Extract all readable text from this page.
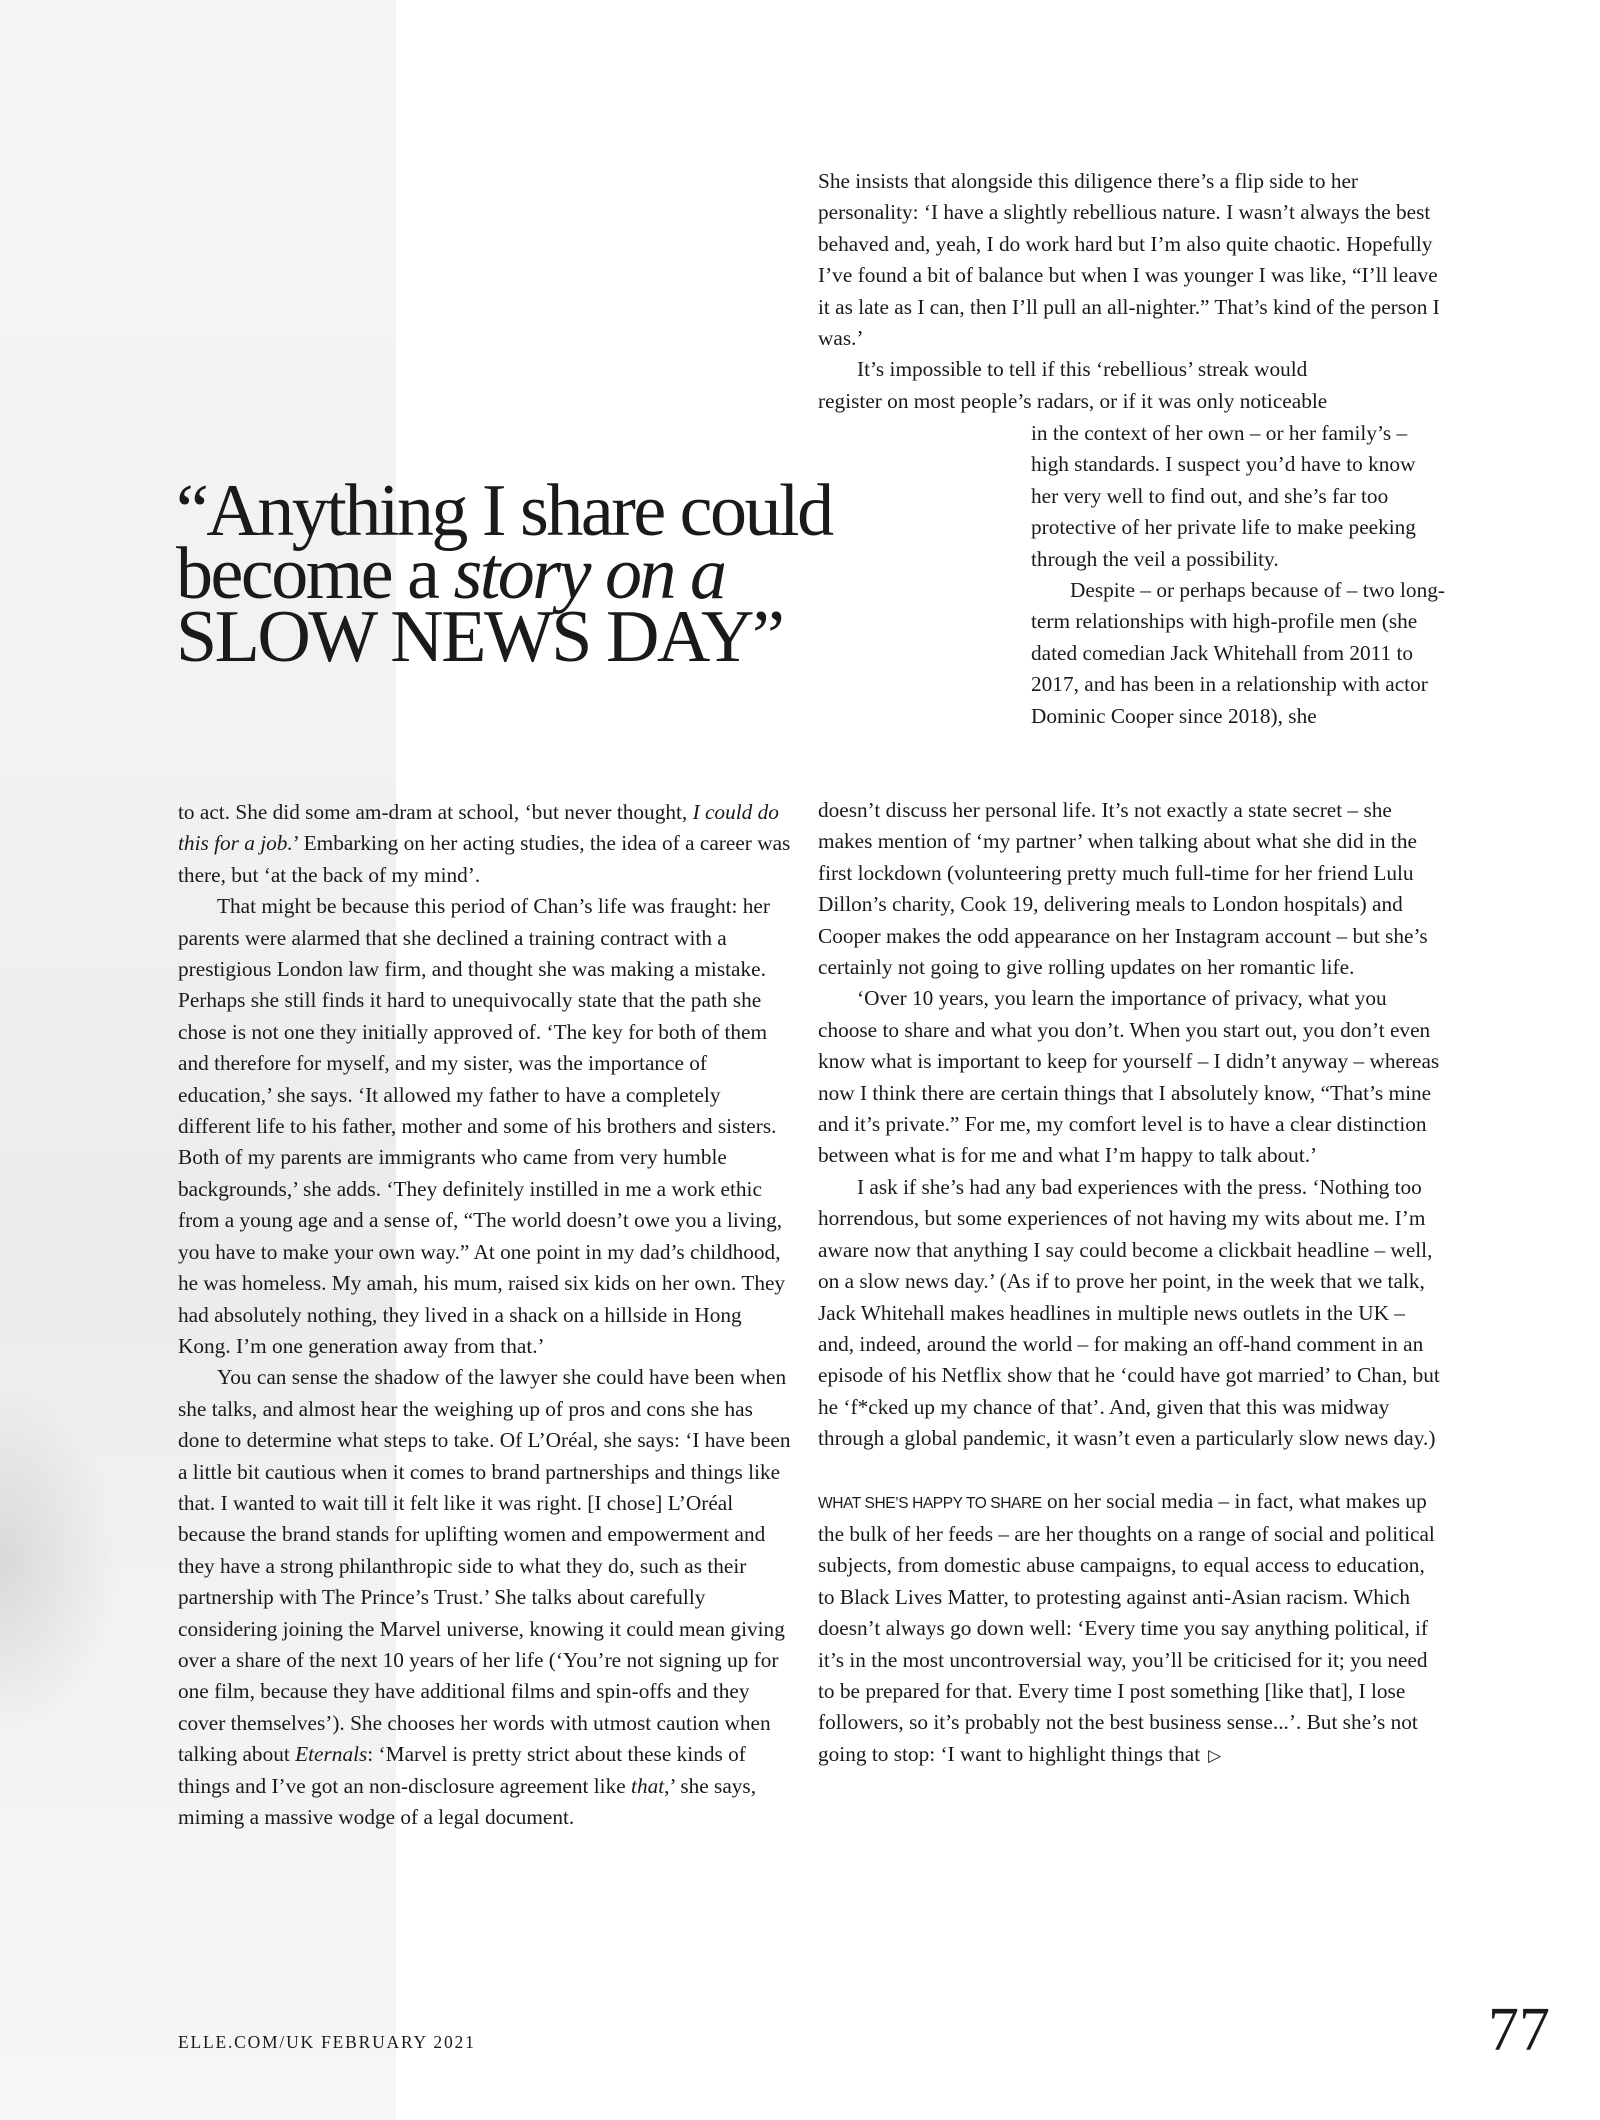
“Anything I share could
become a story on a
SLOW NEWS DAY”

to act. She did some am-dram at school, ‘but never thought, I could do this for a job.’ Embarking on her acting studies, the idea of a career was there, but ‘at the back of my mind’.

That might be because this period of Chan’s life was fraught: her parents were alarmed that she declined a training contract with a prestigious London law firm, and thought she was making a mistake. Perhaps she still finds it hard to unequivocally state that the path she chose is not one they initially approved of. ‘The key for both of them and therefore for myself, and my sister, was the importance of education,’ she says. ‘It allowed my father to have a completely different life to his father, mother and some of his brothers and sisters. Both of my parents are immigrants who came from very humble backgrounds,’ she adds. ‘They definitely instilled in me a work ethic from a young age and a sense of, “The world doesn’t owe you a living, you have to make your own way.” At one point in my dad’s childhood, he was homeless. My amah, his mum, raised six kids on her own. They had absolutely nothing, they lived in a shack on a hillside in Hong Kong. I’m one generation away from that.’

You can sense the shadow of the lawyer she could have been when she talks, and almost hear the weighing up of pros and cons she has done to determine what steps to take. Of L’Oréal, she says: ‘I have been a little bit cautious when it comes to brand partnerships and things like that. I wanted to wait till it felt like it was right. [I chose] L’Oréal because the brand stands for uplifting women and empowerment and they have a strong philanthropic side to what they do, such as their partnership with The Prince’s Trust.’ She talks about carefully considering joining the Marvel universe, knowing it could mean giving over a share of the next 10 years of her life (‘You’re not signing up for one film, because they have additional films and spin-offs and they cover themselves’). She chooses her words with utmost caution when talking about Eternals: ‘Marvel is pretty strict about these kinds of things and I’ve got an non-disclosure agreement like that,’ she says, miming a massive wodge of a legal document.

She insists that alongside this diligence there’s a flip side to her personality: ‘I have a slightly rebellious nature. I wasn’t always the best behaved and, yeah, I do work hard but I’m also quite chaotic. Hopefully I’ve found a bit of balance but when I was younger I was like, “I’ll leave it as late as I can, then I’ll pull an all-nighter.” That’s kind of the person I was.’

It’s impossible to tell if this ‘rebellious’ streak would

register on most people’s radars, or if it was only noticeable

in the context of her own – or her family’s – high standards. I suspect you’d have to know her very well to find out, and she’s far too protective of her private life to make peeking through the veil a possibility.

Despite – or perhaps because of – two long-term relationships with high-profile men (she dated comedian Jack Whitehall from 2011 to 2017, and has been in a relationship with actor Dominic Cooper since 2018), she

doesn’t discuss her personal life. It’s not exactly a state secret – she makes mention of ‘my partner’ when talking about what she did in the first lockdown (volunteering pretty much full-time for her friend Lulu Dillon’s charity, Cook 19, delivering meals to London hospitals) and Cooper makes the odd appearance on her Instagram account – but she’s certainly not going to give rolling updates on her romantic life.

‘Over 10 years, you learn the importance of privacy, what you choose to share and what you don’t. When you start out, you don’t even know what is important to keep for yourself – I didn’t anyway – whereas now I think there are certain things that I absolutely know, “That’s mine and it’s private.” For me, my comfort level is to have a clear distinction between what is for me and what I’m happy to talk about.’

I ask if she’s had any bad experiences with the press. ‘Nothing too horrendous, but some experiences of not having my wits about me. I’m aware now that anything I say could become a clickbait headline – well, on a slow news day.’ (As if to prove her point, in the week that we talk, Jack Whitehall makes headlines in multiple news outlets in the UK – and, indeed, around the world – for making an off-hand comment in an episode of his Netflix show that he ‘could have got married’ to Chan, but he ‘f*cked up my chance of that’. And, given that this was midway through a global pandemic, it wasn’t even a particularly slow news day.)

WHAT SHE’S HAPPY TO SHARE on her social media – in fact, what makes up the bulk of her feeds – are her thoughts on a range of social and political subjects, from domestic abuse campaigns, to equal access to education, to Black Lives Matter, to protesting against anti-Asian racism. Which doesn’t always go down well: ‘Every time you say anything political, if it’s in the most uncontroversial way, you’ll be criticised for it; you need to be prepared for that. Every time I post something [like that], I lose followers, so it’s probably not the best business sense...’. But she’s not going to stop: ‘I want to highlight things that ▷

ELLE.COM/UK FEBRUARY 2021	77
